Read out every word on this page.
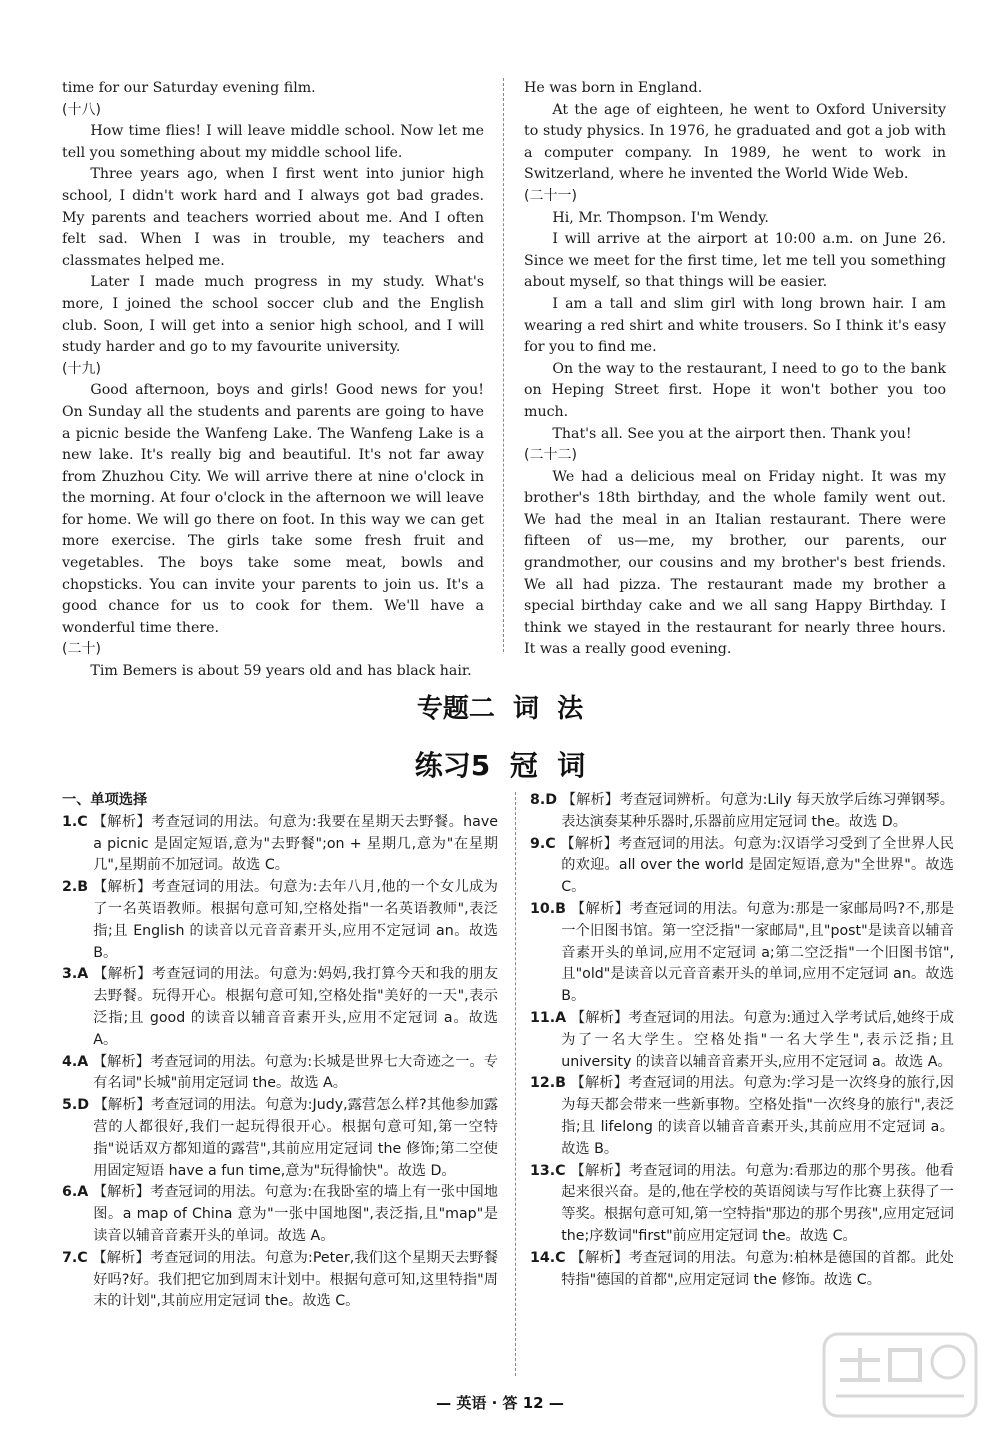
time for our Saturday evening film.

(十八)

How time flies! I will leave middle school. Now let me tell you something about my middle school life.

Three years ago, when I first went into junior high school, I didn't work hard and I always got bad grades. My parents and teachers worried about me. And I often felt sad. When I was in trouble, my teachers and classmates helped me.

Later I made much progress in my study. What's more, I joined the school soccer club and the English club. Soon, I will get into a senior high school, and I will study harder and go to my favourite university.

(十九)

Good afternoon, boys and girls! Good news for you! On Sunday all the students and parents are going to have a picnic beside the Wanfeng Lake. The Wanfeng Lake is a new lake. It's really big and beautiful. It's not far away from Zhuzhou City. We will arrive there at nine o'clock in the morning. At four o'clock in the afternoon we will leave for home. We will go there on foot. In this way we can get more exercise. The girls take some fresh fruit and vegetables. The boys take some meat, bowls and chopsticks. You can invite your parents to join us. It's a good chance for us to cook for them. We'll have a wonderful time there.

(二十)

Tim Bemers is about 59 years old and has black hair.

He was born in England.

At the age of eighteen, he went to Oxford University to study physics. In 1976, he graduated and got a job with a computer company. In 1989, he went to work in Switzerland, where he invented the World Wide Web.

(二十一)

Hi, Mr. Thompson. I'm Wendy.

I will arrive at the airport at 10:00 a.m. on June 26. Since we meet for the first time, let me tell you something about myself, so that things will be easier.

I am a tall and slim girl with long brown hair. I am wearing a red shirt and white trousers. So I think it's easy for you to find me.

On the way to the restaurant, I need to go to the bank on Heping Street first. Hope it won't bother you too much.

That's all. See you at the airport then. Thank you!

(二十二)

We had a delicious meal on Friday night. It was my brother's 18th birthday, and the whole family went out. We had the meal in an Italian restaurant. There were fifteen of us—me, my brother, our parents, our grandmother, our cousins and my brother's best friends. We all had pizza. The restaurant made my brother a special birthday cake and we all sang Happy Birthday. I think we stayed in the restaurant for nearly three hours. It was a really good evening.

专题二  词  法
练习5  冠  词
一、单项选择
1.C 【解析】考查冠词的用法。句意为:我要在星期天去野餐。have a picnic 是固定短语,意为"去野餐";on + 星期几,意为"在星期几",星期前不加冠词。故选 C。
2.B 【解析】考查冠词的用法。句意为:去年八月,他的一个女儿成为了一名英语教师。根据句意可知,空格处指"一名英语教师",表泛指;且 English 的读音以元音音素开头,应用不定冠词 an。故选 B。
3.A 【解析】考查冠词的用法。句意为:妈妈,我打算今天和我的朋友去野餐。玩得开心。根据句意可知,空格处指"美好的一天",表示泛指;且 good 的读音以辅音音素开头,应用不定冠词 a。故选 A。
4.A 【解析】考查冠词的用法。句意为:长城是世界七大奇迹之一。专有名词"长城"前用定冠词 the。故选 A。
5.D 【解析】考查冠词的用法。句意为:Judy,露营怎么样?其他参加露营的人都很好,我们一起玩得很开心。根据句意可知,第一空特指"说话双方都知道的露营",其前应用定冠词 the 修饰;第二空使用固定短语 have a fun time,意为"玩得愉快"。故选 D。
6.A 【解析】考查冠词的用法。句意为:在我卧室的墙上有一张中国地图。a map of China 意为"一张中国地图",表泛指,且"map"是读音以辅音音素开头的单词。故选 A。
7.C 【解析】考查冠词的用法。句意为:Peter,我们这个星期天去野餐好吗?好。我们把它加到周末计划中。根据句意可知,这里特指"周末的计划",其前应用定冠词 the。故选 C。
8.D 【解析】考查冠词辨析。句意为:Lily 每天放学后练习弹钢琴。表达演奏某种乐器时,乐器前应用定冠词 the。故选 D。
9.C 【解析】考查冠词的用法。句意为:汉语学习受到了全世界人民的欢迎。all over the world 是固定短语,意为"全世界"。故选 C。
10.B 【解析】考查冠词的用法。句意为:那是一家邮局吗?不,那是一个旧图书馆。第一空泛指"一家邮局",且"post"是读音以辅音音素开头的单词,应用不定冠词 a;第二空泛指"一个旧图书馆",且"old"是读音以元音音素开头的单词,应用不定冠词 an。故选 B。
11.A 【解析】考查冠词的用法。句意为:通过入学考试后,她终于成为了一名大学生。空格处指"一名大学生",表示泛指;且 university 的读音以辅音音素开头,应用不定冠词 a。故选 A。
12.B 【解析】考查冠词的用法。句意为:学习是一次终身的旅行,因为每天都会带来一些新事物。空格处指"一次终身的旅行",表泛指;且 lifelong 的读音以辅音音素开头,其前应用不定冠词 a。故选 B。
13.C 【解析】考查冠词的用法。句意为:看那边的那个男孩。他看起来很兴奋。是的,他在学校的英语阅读与写作比赛上获得了一等奖。根据句意可知,第一空特指"那边的那个男孩",应用定冠词 the;序数词"first"前应用定冠词 the。故选 C。
14.C 【解析】考查冠词的用法。句意为:柏林是德国的首都。此处特指"德国的首都",应用定冠词 the 修饰。故选 C。
— 英语 · 答 12 —
